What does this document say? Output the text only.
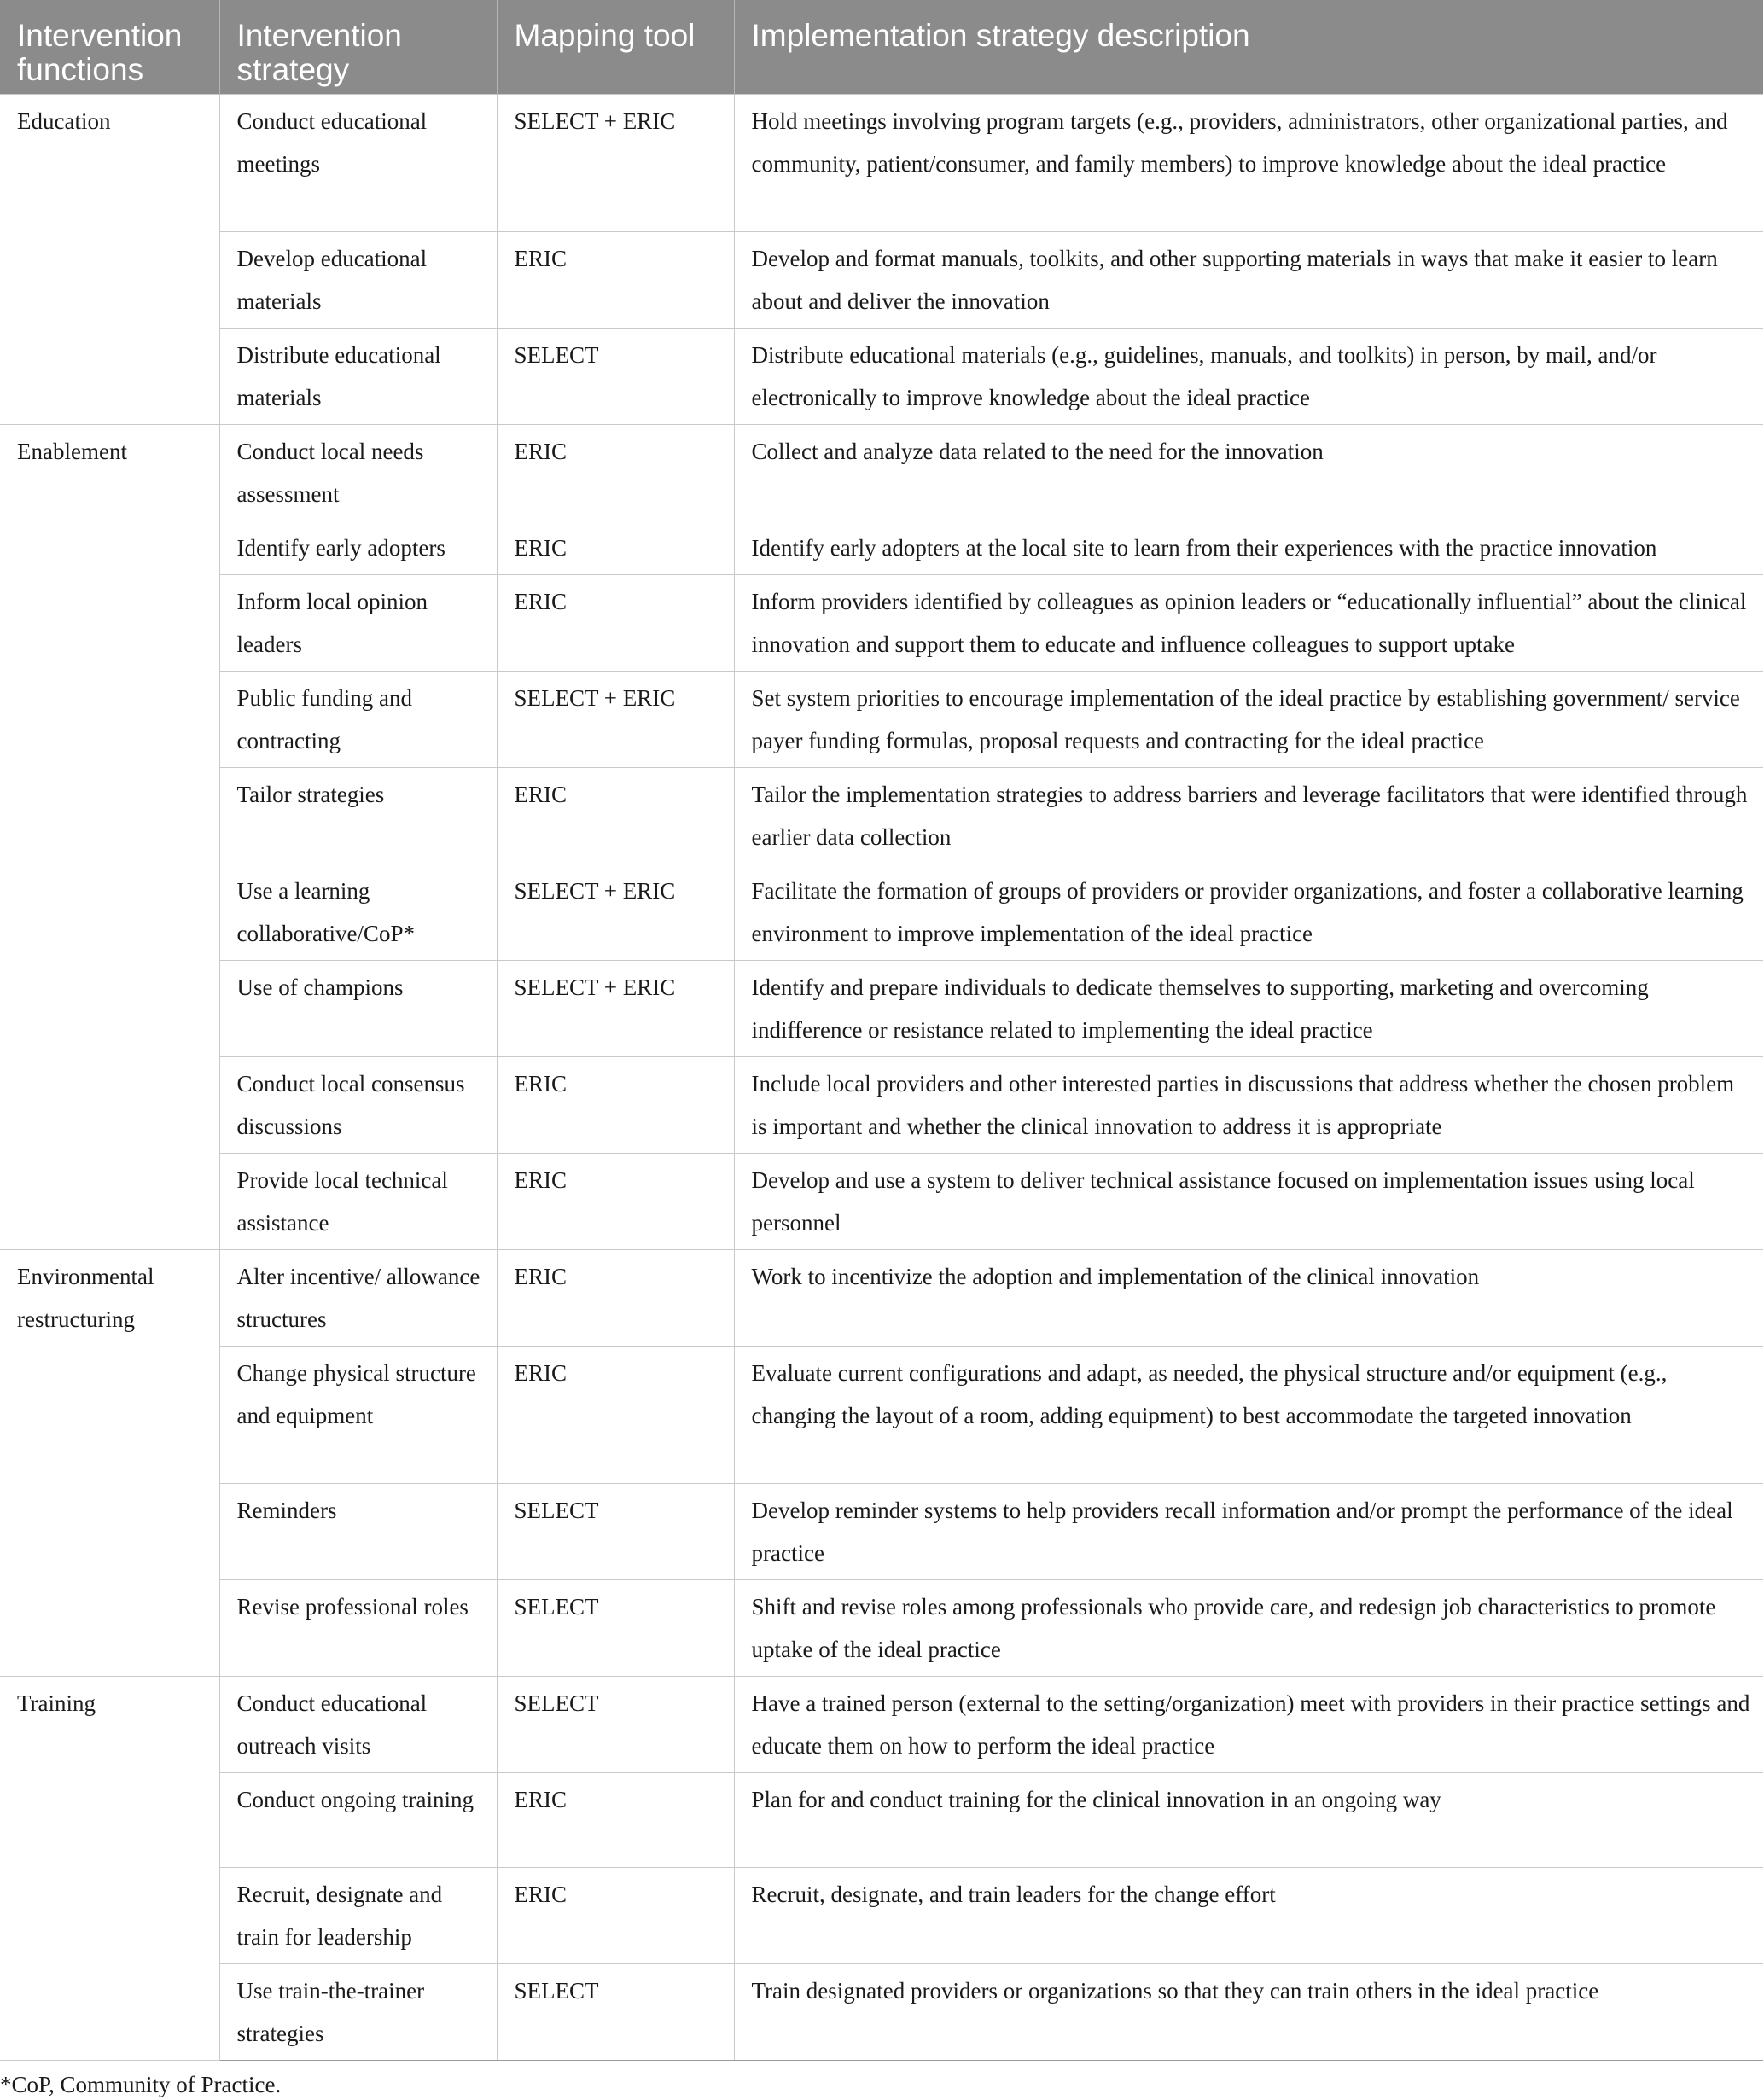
Intervention functions	Intervention strategy	Mapping tool	Implementation strategy description
Education	Conduct educational meetings	SELECT + ERIC	Hold meetings involving program targets (e.g., providers, administrators, other organizational parties, and community, patient/consumer, and family members) to improve knowledge about the ideal practice
	Develop educational materials	ERIC	Develop and format manuals, toolkits, and other supporting materials in ways that make it easier to learn about and deliver the innovation
	Distribute educational materials	SELECT	Distribute educational materials (e.g., guidelines, manuals, and toolkits) in person, by mail, and/or electronically to improve knowledge about the ideal practice
Enablement	Conduct local needs assessment	ERIC	Collect and analyze data related to the need for the innovation
	Identify early adopters	ERIC	Identify early adopters at the local site to learn from their experiences with the practice innovation
	Inform local opinion leaders	ERIC	Inform providers identified by colleagues as opinion leaders or “educationally influential” about the clinical innovation and support them to educate and influence colleagues to support uptake
	Public funding and contracting	SELECT + ERIC	Set system priorities to encourage implementation of the ideal practice by establishing government/ service payer funding formulas, proposal requests and contracting for the ideal practice
	Tailor strategies	ERIC	Tailor the implementation strategies to address barriers and leverage facilitators that were identified through earlier data collection
	Use a learning collaborative/CoP*	SELECT + ERIC	Facilitate the formation of groups of providers or provider organizations, and foster a collaborative learning environment to improve implementation of the ideal practice
	Use of champions	SELECT + ERIC	Identify and prepare individuals to dedicate themselves to supporting, marketing and overcoming indifference or resistance related to implementing the ideal practice
	Conduct local consensus discussions	ERIC	Include local providers and other interested parties in discussions that address whether the chosen problem is important and whether the clinical innovation to address it is appropriate
	Provide local technical assistance	ERIC	Develop and use a system to deliver technical assistance focused on implementation issues using local personnel
Environmental restructuring	Alter incentive/ allowance structures	ERIC	Work to incentivize the adoption and implementation of the clinical innovation
	Change physical structure and equipment	ERIC	Evaluate current configurations and adapt, as needed, the physical structure and/or equipment (e.g., changing the layout of a room, adding equipment) to best accommodate the targeted innovation
	Reminders	SELECT	Develop reminder systems to help providers recall information and/or prompt the performance of the ideal practice
	Revise professional roles	SELECT	Shift and revise roles among professionals who provide care, and redesign job characteristics to promote uptake of the ideal practice
Training	Conduct educational outreach visits	SELECT	Have a trained person (external to the setting/organization) meet with providers in their practice settings and educate them on how to perform the ideal practice
	Conduct ongoing training	ERIC	Plan for and conduct training for the clinical innovation in an ongoing way
	Recruit, designate and train for leadership	ERIC	Recruit, designate, and train leaders for the change effort
	Use train-the-trainer strategies	SELECT	Train designated providers or organizations so that they can train others in the ideal practice
*CoP, Community of Practice.
